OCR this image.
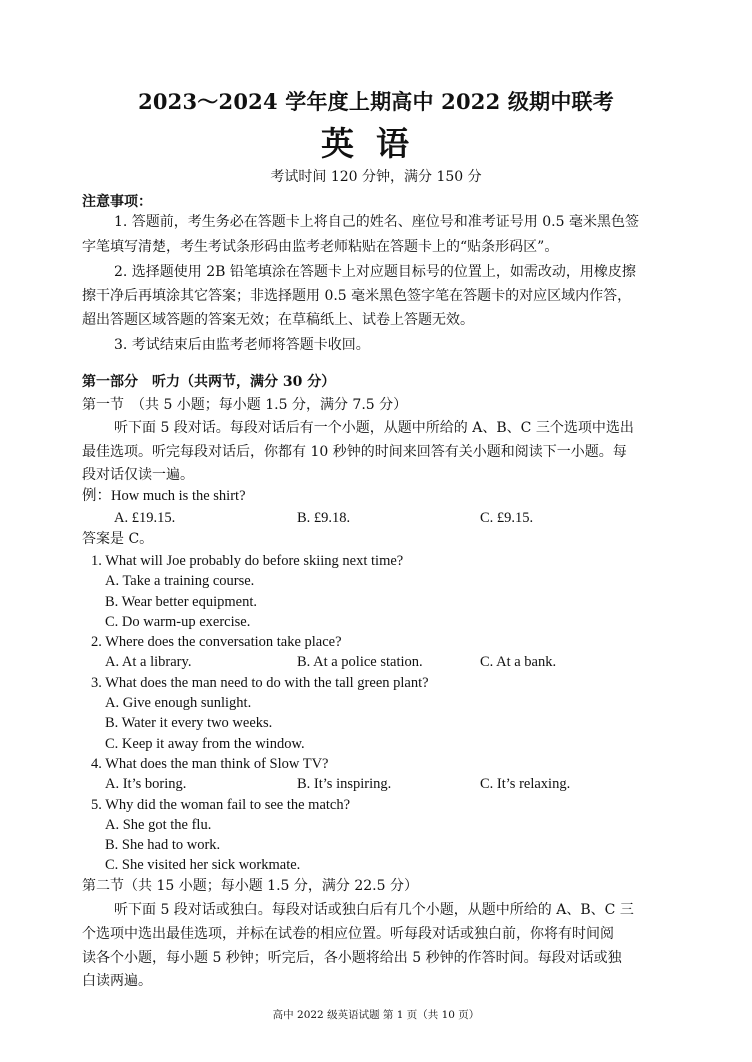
2023～2024 学年度上期高中 2022 级期中联考
英语
考试时间 120 分钟，满分 150 分
注意事项：
1. 答题前，考生务必在答题卡上将自己的姓名、座位号和准考证号用 0.5 毫米黑色签
字笔填写清楚，考生考试条形码由监考老师粘贴在答题卡上的“贴条形码区”。
2. 选择题使用 2B 铅笔填涂在答题卡上对应题目标号的位置上，如需改动，用橡皮擦
擦干净后再填涂其它答案；非选择题用 0.5 毫米黑色签字笔在答题卡的对应区域内作答，
超出答题区域答题的答案无效；在草稿纸上、试卷上答题无效。
3. 考试结束后由监考老师将答题卡收回。
第一部分　听力（共两节，满分 30 分）
第一节　（共 5 小题；每小题 1.5 分，满分 7.5 分）
听下面 5 段对话。每段对话后有一个小题，从题中所给的 A、B、C 三个选项中选出
最佳选项。听完每段对话后，你都有 10 秒钟的时间来回答有关小题和阅读下一小题。每
段对话仅读一遍。
例：How much is the shirt?
A. £19.15.	B. £9.18.	C. £9.15.
答案是 C。
1. What will Joe probably do before skiing next time?
A. Take a training course.
B. Wear better equipment.
C. Do warm-up exercise.
2. Where does the conversation take place?
A. At a library.	B. At a police station.	C. At a bank.
3. What does the man need to do with the tall green plant?
A. Give enough sunlight.
B. Water it every two weeks.
C. Keep it away from the window.
4. What does the man think of Slow TV?
A. It’s boring.	B. It’s inspiring.	C. It’s relaxing.
5. Why did the woman fail to see the match?
A. She got the flu.
B. She had to work.
C. She visited her sick workmate.
第二节（共 15 小题；每小题 1.5 分，满分 22.5 分）
听下面 5 段对话或独白。每段对话或独白后有几个小题，从题中所给的 A、B、C 三
个选项中选出最佳选项，并标在试卷的相应位置。听每段对话或独白前，你将有时间阅
读各个小题，每小题 5 秒钟；听完后，各小题将给出 5 秒钟的作答时间。每段对话或独
白读两遍。
高中 2022 级英语试题 第 1 页（共 10 页）
